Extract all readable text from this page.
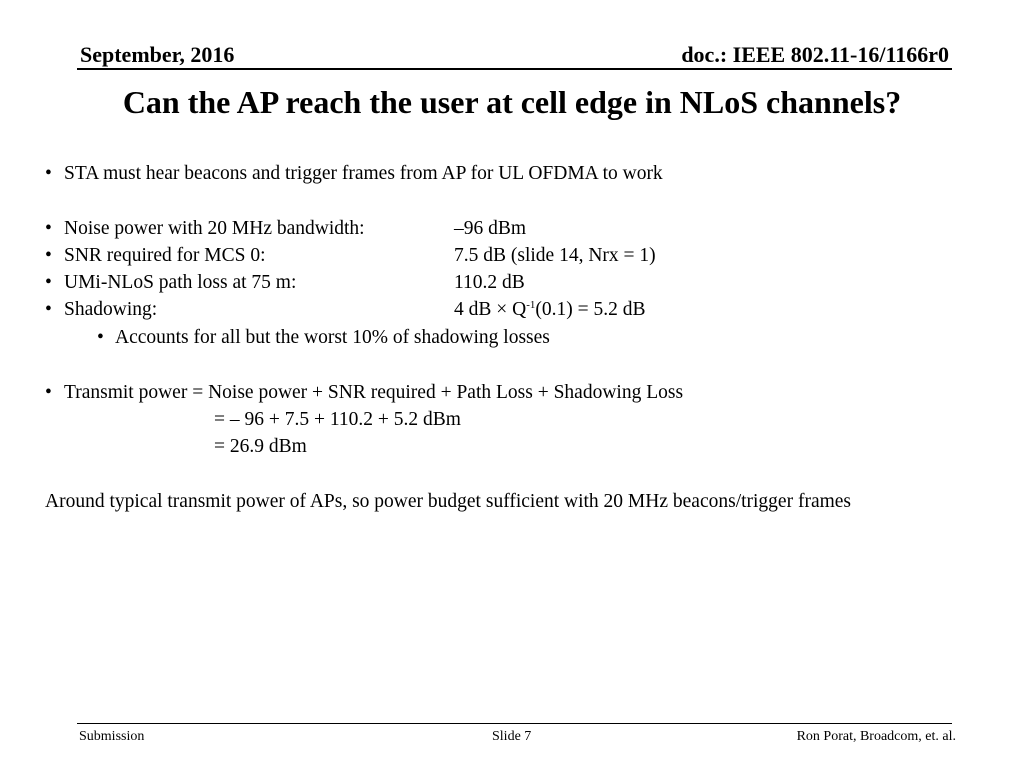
September, 2016	doc.: IEEE 802.11-16/1166r0
Can the AP reach the user at cell edge in NLoS channels?
• STA must hear beacons and trigger frames from AP for UL OFDMA to work
• Noise power with 20 MHz bandwidth:	–96 dBm
• SNR required for MCS 0:	7.5 dB (slide 14, Nrx = 1)
• UMi-NLoS path loss at 75 m:	110.2 dB
• Shadowing:	4 dB × $Q^{-1}(0.1) = 5.2$ dB
• Accounts for all but the worst 10% of shadowing losses
• Transmit power = Noise power + SNR required + Path Loss + Shadowing Loss
= – 96 + 7.5 + 110.2 + 5.2 dBm
= 26.9 dBm
Around typical transmit power of APs, so power budget sufficient with 20 MHz beacons/trigger frames
Submission	Slide 7	Ron Porat, Broadcom, et. al.
